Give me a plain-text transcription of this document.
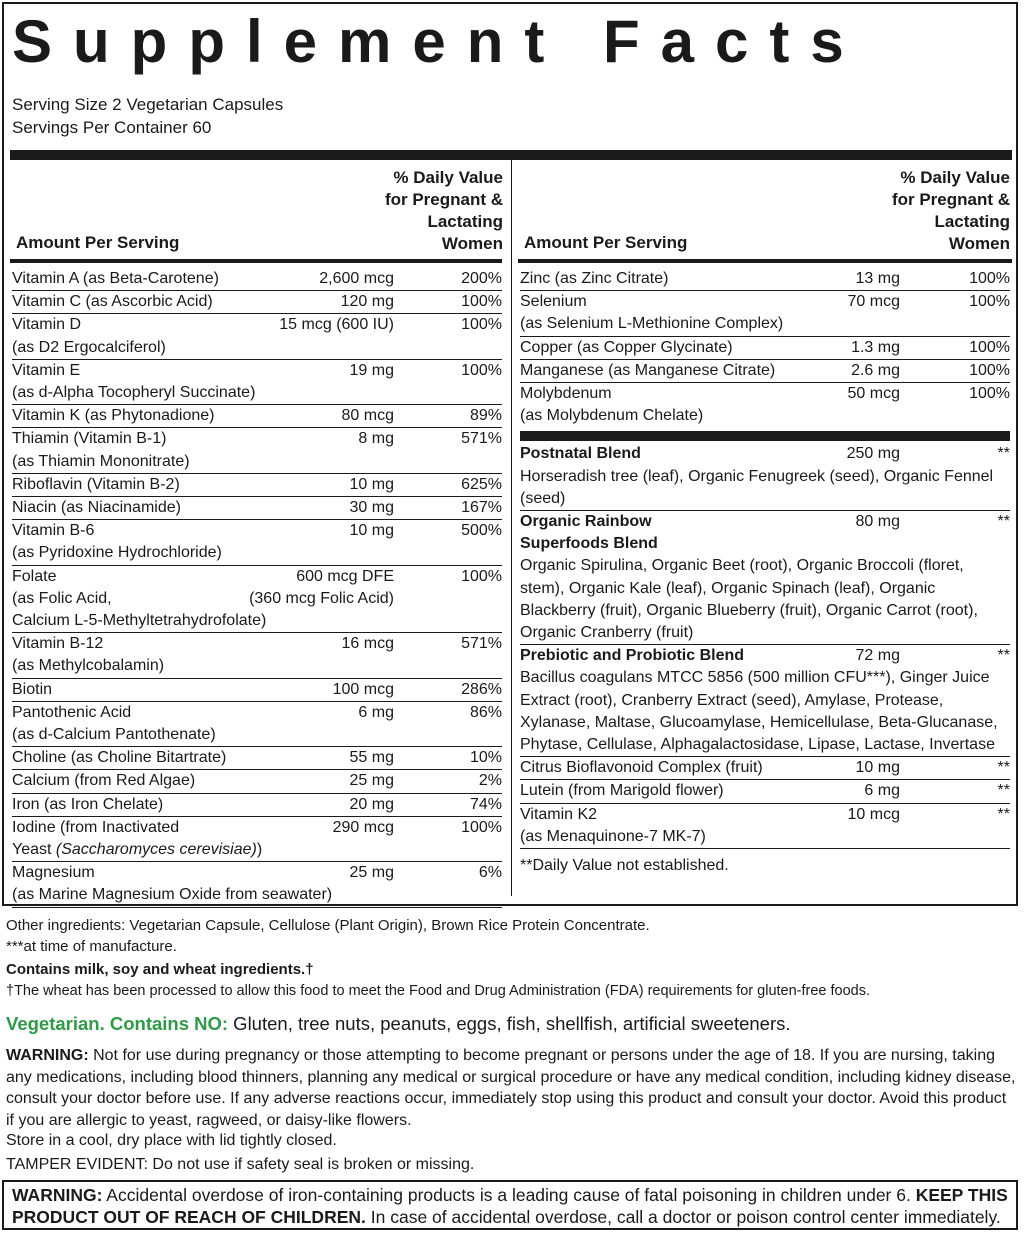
Supplement Facts
Serving Size 2 Vegetarian Capsules
Servings Per Container 60
% Daily Value
for Pregnant &
Lactating
Women
Amount Per Serving
% Daily Value
for Pregnant &
Lactating
Women
Amount Per Serving
Vitamin A (as Beta-Carotene)	2,600 mcg	200%
Vitamin C (as Ascorbic Acid)	120 mg	100%
Vitamin D	15 mcg (600 IU)	100%
(as D2 Ergocalciferol)
Vitamin E	19 mg	100%
(as d-Alpha Tocopheryl Succinate)
Vitamin K (as Phytonadione)	80 mcg	89%
Thiamin (Vitamin B-1)	8 mg	571%
(as Thiamin Mononitrate)
Riboflavin (Vitamin B-2)	10 mg	625%
Niacin (as Niacinamide)	30 mg	167%
Vitamin B-6	10 mg	500%
(as Pyridoxine Hydrochloride)
Folate	600 mcg DFE	100%
(as Folic Acid,	(360 mcg Folic Acid)
Calcium L-5-Methyltetrahydrofolate)
Vitamin B-12	16 mcg	571%
(as Methylcobalamin)
Biotin	100 mcg	286%
Pantothenic Acid	6 mg	86%
(as d-Calcium Pantothenate)
Choline (as Choline Bitartrate)	55 mg	10%
Calcium (from Red Algae)	25 mg	2%
Iron (as Iron Chelate)	20 mg	74%
Iodine (from Inactivated	290 mcg	100%
Yeast (Saccharomyces cerevisiae))
Magnesium	25 mg	6%
(as Marine Magnesium Oxide from seawater)
Zinc (as Zinc Citrate)	13 mg	100%
Selenium	70 mcg	100%
(as Selenium L-Methionine Complex)
Copper (as Copper Glycinate)	1.3 mg	100%
Manganese (as Manganese Citrate)	2.6 mg	100%
Molybdenum	50 mcg	100%
(as Molybdenum Chelate)
Postnatal Blend	250 mg	**
Horseradish tree (leaf), Organic Fenugreek (seed), Organic Fennel (seed)
Organic Rainbow	80 mg	**
Superfoods Blend
Organic Spirulina, Organic Beet (root), Organic Broccoli (floret, stem), Organic Kale (leaf), Organic Spinach (leaf), Organic Blackberry (fruit), Organic Blueberry (fruit), Organic Carrot (root), Organic Cranberry (fruit)
Prebiotic and Probiotic Blend	72 mg	**
Bacillus coagulans MTCC 5856 (500 million CFU***), Ginger Juice Extract (root), Cranberry Extract (seed), Amylase, Protease, Xylanase, Maltase, Glucoamylase, Hemicellulase, Beta-Glucanase, Phytase, Cellulase, Alphagalactosidase, Lipase, Lactase, Invertase
Citrus Bioflavonoid Complex (fruit)	10 mg	**
Lutein (from Marigold flower)	6 mg	**
Vitamin K2	10 mcg	**
(as Menaquinone-7 MK-7)
**Daily Value not established.
Other ingredients: Vegetarian Capsule, Cellulose (Plant Origin), Brown Rice Protein Concentrate.
***at time of manufacture.
Contains milk, soy and wheat ingredients.†
†The wheat has been processed to allow this food to meet the Food and Drug Administration (FDA) requirements for gluten-free foods.
Vegetarian. Contains NO: Gluten, tree nuts, peanuts, eggs, fish, shellfish, artificial sweeteners.
WARNING: Not for use during pregnancy or those attempting to become pregnant or persons under the age of 18. If you are nursing, taking any medications, including blood thinners, planning any medical or surgical procedure or have any medical condition, including kidney disease, consult your doctor before use. If any adverse reactions occur, immediately stop using this product and consult your doctor. Avoid this product if you are allergic to yeast, ragweed, or daisy-like flowers.
Store in a cool, dry place with lid tightly closed.
TAMPER EVIDENT: Do not use if safety seal is broken or missing.
WARNING: Accidental overdose of iron-containing products is a leading cause of fatal poisoning in children under 6. KEEP THIS PRODUCT OUT OF REACH OF CHILDREN. In case of accidental overdose, call a doctor or poison control center immediately.
